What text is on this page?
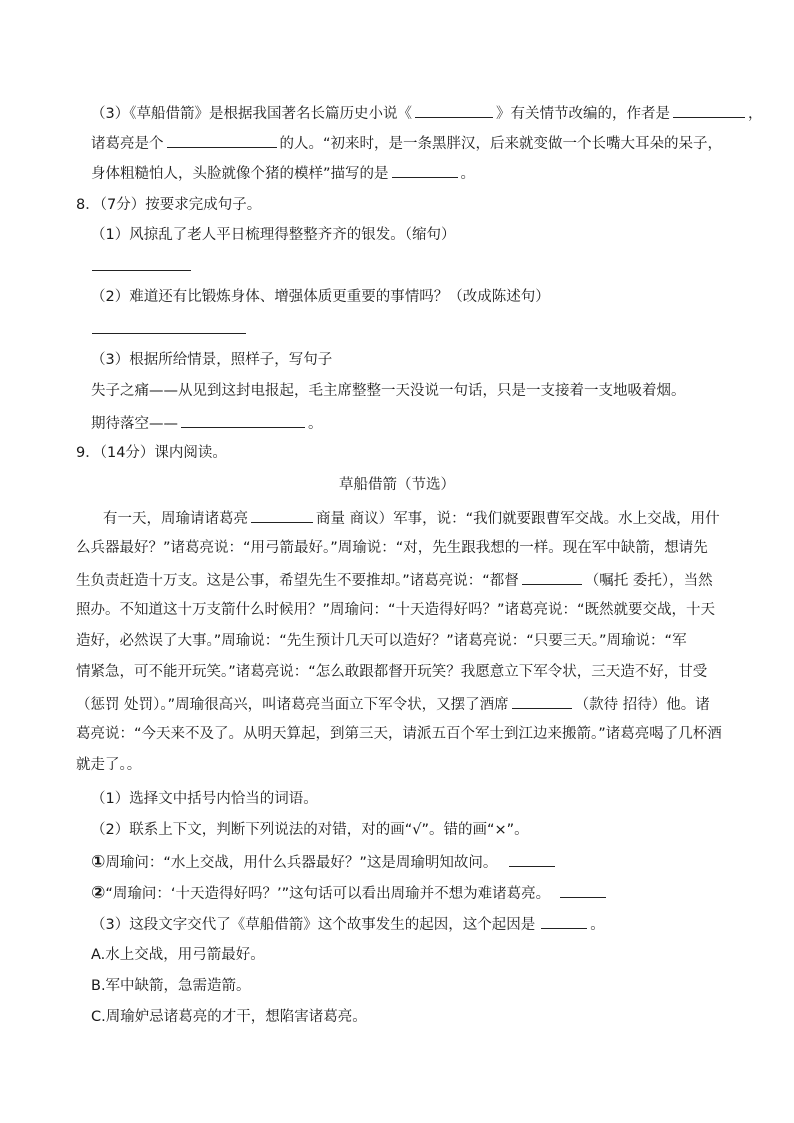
（3）《草船借箭》是根据我国著名长篇历史小说《	》有关情节改编的，作者是	，
诸葛亮是个	的人。“初来时，是一条黑胖汉，后来就变做一个长嘴大耳朵的呆子，
身体粗糙怕人，头脸就像个猪的模样”描写的是	。
8．（7分）按要求完成句子。
（1）风掠乱了老人平日梳理得整整齐齐的银发。（缩句）
（2）难道还有比锻炼身体、增强体质更重要的事情吗？（改成陈述句）
（3）根据所给情景，照样子，写句子
失子之痛——从见到这封电报起，毛主席整整一天没说一句话，只是一支接着一支地吸着烟。
期待落空——	。
9．（14分）课内阅读。
草船借箭（节选）
有一天，周瑜请诸葛亮	商量 商议）军事，说：“我们就要跟曹军交战。水上交战，用什
么兵器最好？”诸葛亮说：“用弓箭最好。”周瑜说：“对，先生跟我想的一样。现在军中缺箭，想请先
生负责赶造十万支。这是公事，希望先生不要推却。”诸葛亮说：“都督	（嘱托 委托），当然
照办。不知道这十万支箭什么时候用？”周瑜问：“十天造得好吗？”诸葛亮说：“既然就要交战，十天
造好，必然误了大事。”周瑜说：“先生预计几天可以造好？”诸葛亮说：“只要三天。”周瑜说：“军
情紧急，可不能开玩笑。”诸葛亮说：“怎么敢跟都督开玩笑？我愿意立下军令状，三天造不好，甘受
（惩罚 处罚）。”周瑜很高兴，叫诸葛亮当面立下军令状，又摆了酒席	（款待 招待）他。诸
葛亮说：“今天来不及了。从明天算起，到第三天，请派五百个军士到江边来搬箭。”诸葛亮喝了几杯酒
就走了。。
（1）选择文中括号内恰当的词语。
（2）联系上下文，判断下列说法的对错，对的画“√”。错的画“×”。
①周瑜问：“水上交战，用什么兵器最好？”这是周瑜明知故问。
②“周瑜问：‘十天造得好吗？’”这句话可以看出周瑜并不想为难诸葛亮。
（3）这段文字交代了《草船借箭》这个故事发生的起因，这个起因是	。
A.水上交战，用弓箭最好。
B.军中缺箭，急需造箭。
C.周瑜妒忌诸葛亮的才干，想陷害诸葛亮。
